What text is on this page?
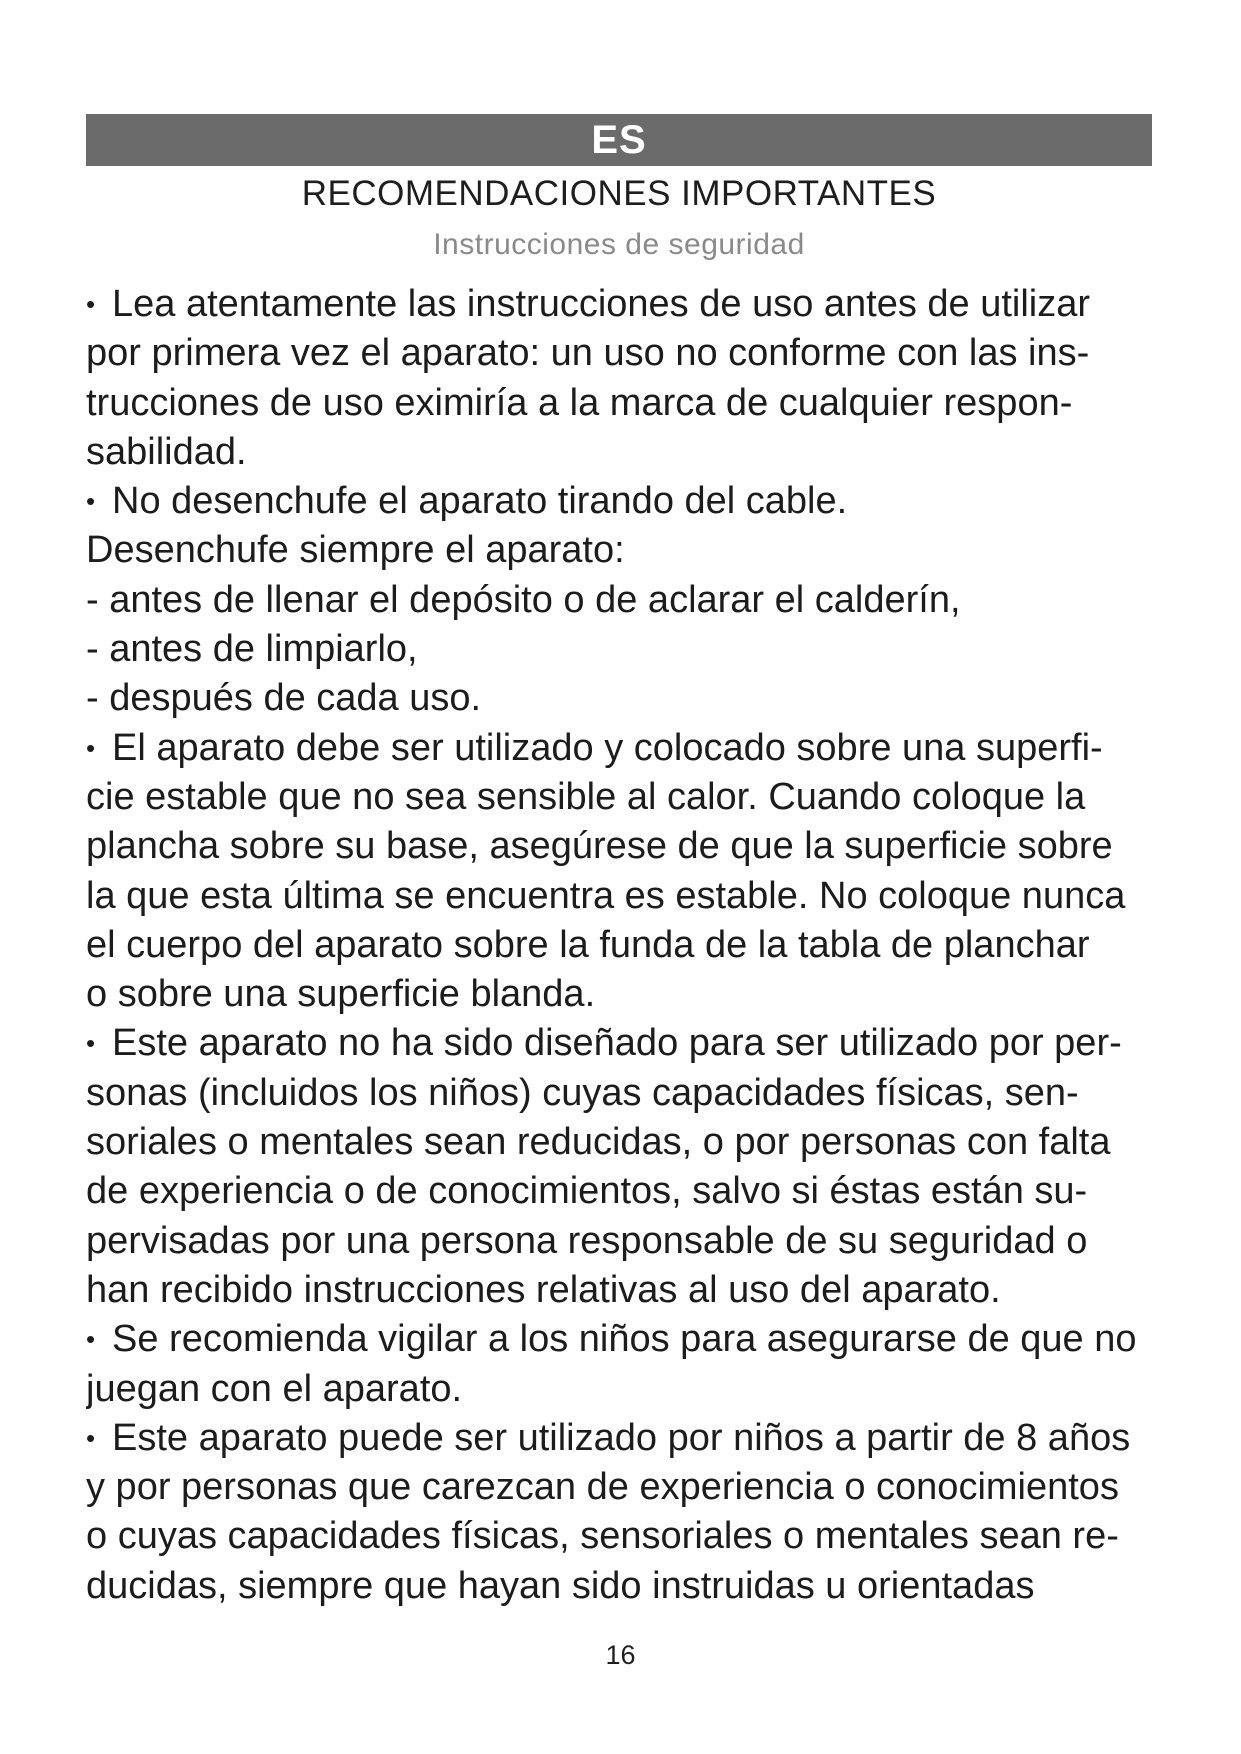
ES
RECOMENDACIONES IMPORTANTES
Instrucciones de seguridad
• Lea atentamente las instrucciones de uso antes de utilizar
por primera vez el aparato: un uso no conforme con las ins-
trucciones de uso eximiría a la marca de cualquier respon-
sabilidad.
• No desenchufe el aparato tirando del cable.
Desenchufe siempre el aparato:
- antes de llenar el depósito o de aclarar el calderín,
- antes de limpiarlo,
- después de cada uso.
• El aparato debe ser utilizado y colocado sobre una superfi-
cie estable que no sea sensible al calor. Cuando coloque la
plancha sobre su base, asegúrese de que la superficie sobre
la que esta última se encuentra es estable. No coloque nunca
el cuerpo del aparato sobre la funda de la tabla de planchar
o sobre una superficie blanda.
• Este aparato no ha sido diseñado para ser utilizado por per-
sonas (incluidos los niños) cuyas capacidades físicas, sen-
soriales o mentales sean reducidas, o por personas con falta
de experiencia o de conocimientos, salvo si éstas están su-
pervisadas por una persona responsable de su seguridad o
han recibido instrucciones relativas al uso del aparato.
• Se recomienda vigilar a los niños para asegurarse de que no
juegan con el aparato.
• Este aparato puede ser utilizado por niños a partir de 8 años
y por personas que carezcan de experiencia o conocimientos
o cuyas capacidades físicas, sensoriales o mentales sean re-
ducidas, siempre que hayan sido instruidas u orientadas
16
